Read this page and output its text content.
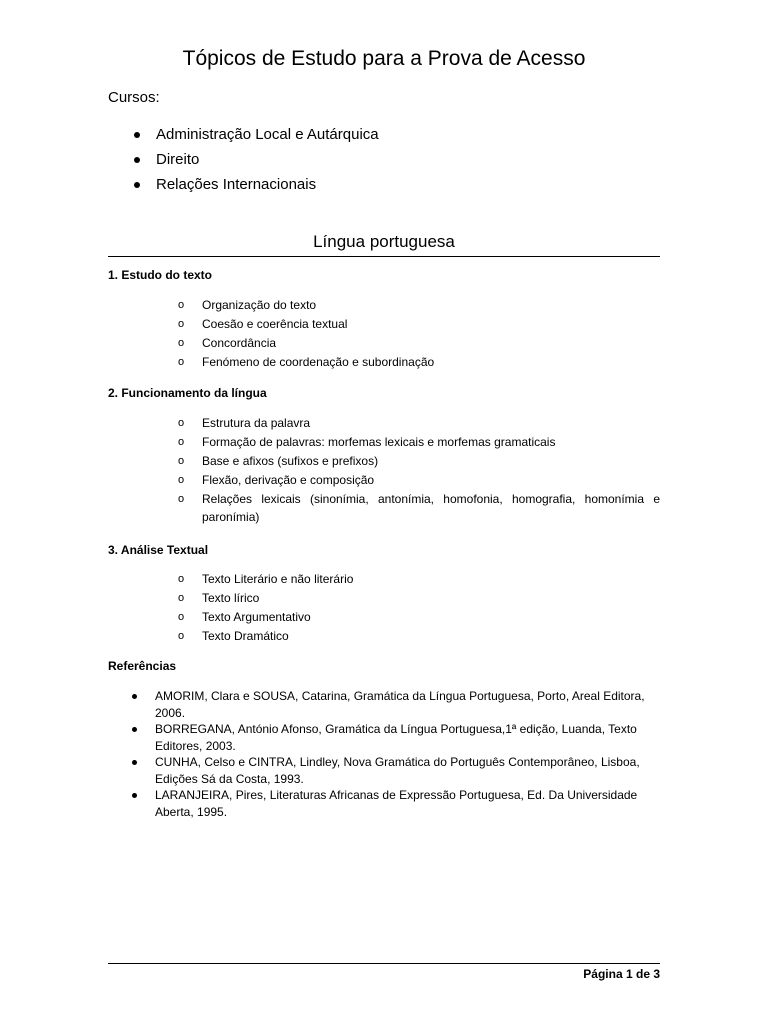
Tópicos de Estudo para a Prova de Acesso
Cursos:
Administração Local e Autárquica
Direito
Relações Internacionais
Língua portuguesa
1. Estudo do texto
o Organização do texto
o Coesão e coerência textual
o Concordância
o Fenómeno de coordenação e subordinação
2. Funcionamento da língua
o Estrutura da palavra
o Formação de palavras: morfemas lexicais e morfemas gramaticais
o Base e afixos (sufixos e prefixos)
o Flexão, derivação e composição
o Relações lexicais (sinonímia, antonímia, homofonia, homografia, homonímia e paronímia)
3. Análise Textual
o Texto Literário e não literário
o Texto lírico
o Texto Argumentativo
o Texto Dramático
Referências
AMORIM, Clara e SOUSA, Catarina, Gramática da Língua Portuguesa, Porto, Areal Editora, 2006.
BORREGANA, António Afonso, Gramática da Língua Portuguesa,1ª edição, Luanda, Texto Editores, 2003.
CUNHA, Celso e CINTRA, Lindley, Nova Gramática do Português Contemporâneo, Lisboa, Edições Sá da Costa, 1993.
LARANJEIRA, Pires, Literaturas Africanas de Expressão Portuguesa, Ed. Da Universidade Aberta, 1995.
Página 1 de 3
